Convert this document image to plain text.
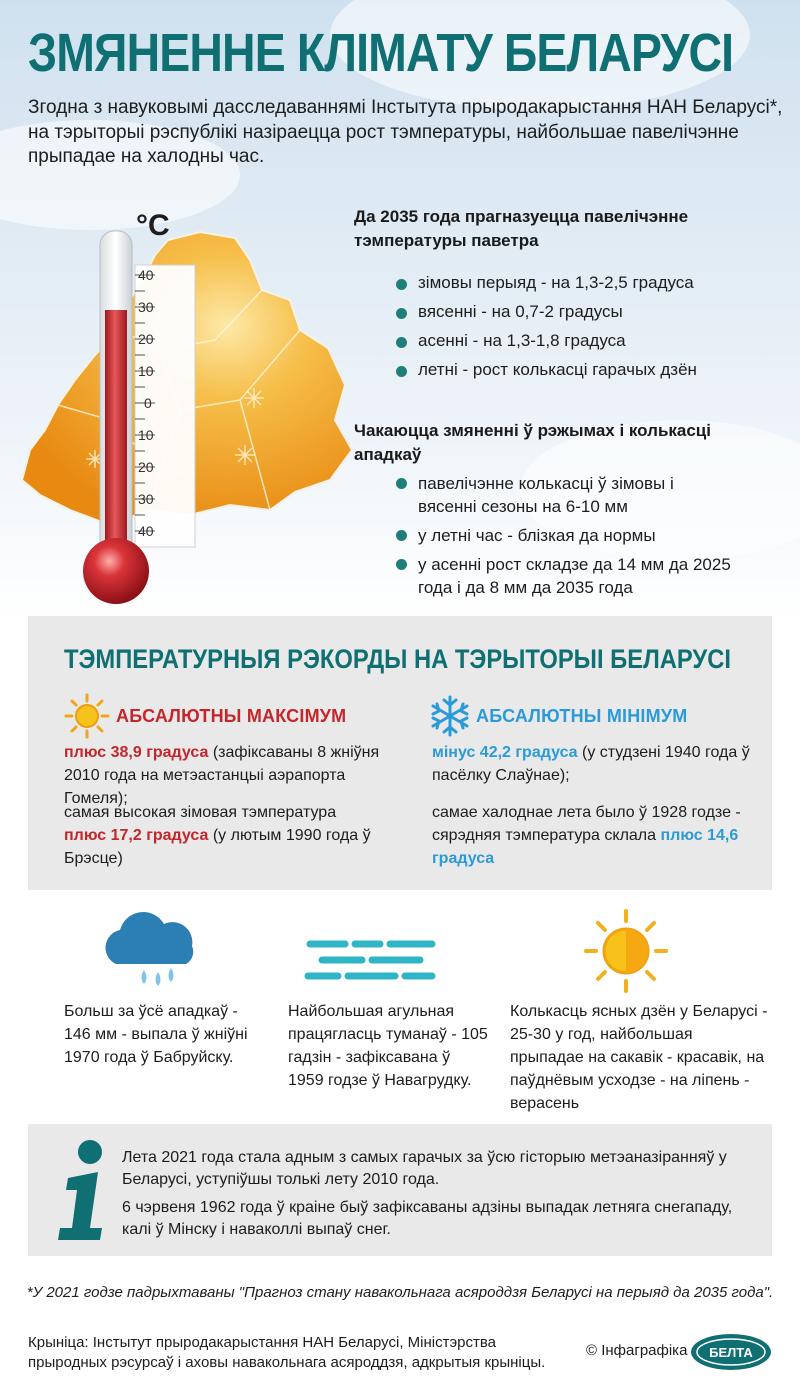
ЗМЯНЕННЕ КЛІМАТУ БЕЛАРУСІ

Згодна з навуковымі дасследаваннямі Інстытута прыродакарыстання НАН Беларусі*, на тэрыторыі рэспублікі назіраецца рост тэмпературы, найбольшае павелічэнне прыпадае на халодны час.

°C
40
30
20
10
0
10
20
30
40
Да 2035 года прагназуецца павелічэнне тэмпературы паветра
зімовы перыяд - на 1,3-2,5 градуса
вясенні - на 0,7-2 градусы
асенні - на 1,3-1,8 градуса
летні - рост колькасці гарачых дзён
Чакаюцца змяненні ў рэжымах і колькасці ападкаў
павелічэнне колькасці ў зімовы і вясенні сезоны на 6-10 мм
у летні час - блізкая да нормы
у асенні рост складзе да 14 мм да 2025 года і да 8 мм да 2035 года
ТЭМПЕРАТУРНЫЯ РЭКОРДЫ НА ТЭРЫТОРЫІ БЕЛАРУСІ
АБСАЛЮТНЫ МАКСІМУМ
плюс 38,9 градуса (зафіксаваны 8 жніўня 2010 года на метэастанцыі аэрапорта Гомеля);
самая высокая зімовая тэмпература
плюс 17,2 градуса (у лютым 1990 года ў Брэсце)
АБСАЛЮТНЫ МІНІМУМ
мінус 42,2 градуса (у студзені 1940 года ў пасёлку Слаўнае);
самае халоднае лета было ў 1928 годзе - сярэдняя тэмпература склала плюс 14,6 градуса
Больш за ўсё ападкаў - 146 мм - выпала ў жніўні 1970 года ў Бабруйску.
Найбольшая агульная працягласць туманаў - 105 гадзін - зафіксавана ў 1959 годзе ў Навагрудку.
Колькасць ясных дзён у Беларусі - 25-30 у год, найбольшая прыпадае на сакавік - красавік, на паўднёвым усходзе - на ліпень - верасень
Лета 2021 года стала адным з самых гарачых за ўсю гісторыю метэаназіранняў у Беларусі, уступіўшы толькі лету 2010 года.
6 чэрвеня 1962 года ў краіне быў зафіксаваны адзіны выпадак летняга снегападу, калі ў Мінску і наваколлі выпаў снег.
*У 2021 годзе падрыхтаваны "Прагноз стану навакольнага асяроддзя Беларусі на перыяд да 2035 года".
Крыніца: Інстытут прыродакарыстання НАН Беларусі, Міністэрства прыродных рэсурсаў і аховы навакольнага асяроддзя, адкрытыя крыніцы.
© Інфаграфіка БЕЛТА
